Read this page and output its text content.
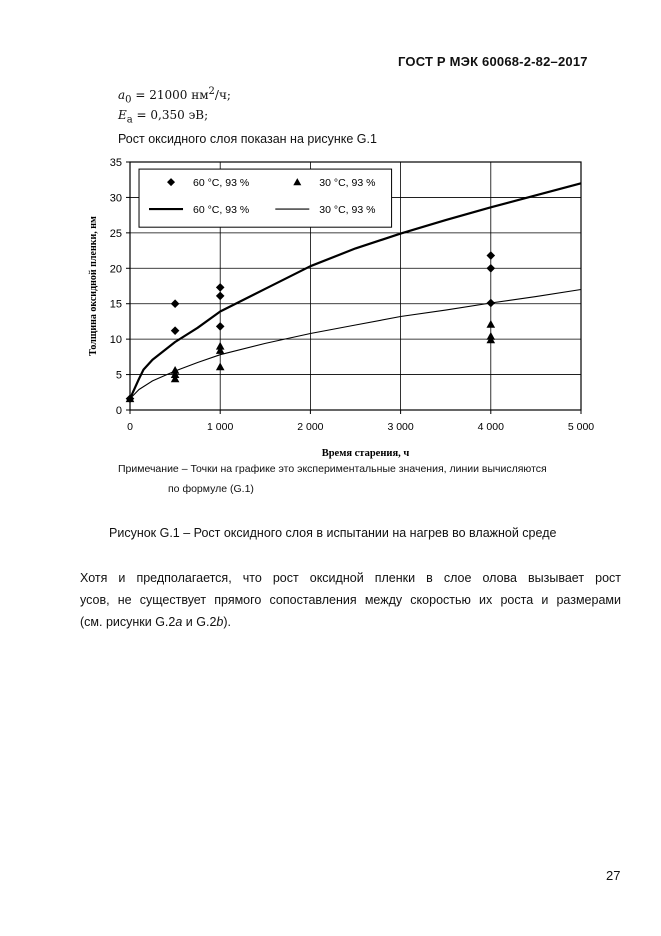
ГОСТ Р МЭК 60068-2-82–2017
$a_0 = 21000$ $нм^2/ч$;
$E_a = 0,350$ эВ;
Рост оксидного слоя показан на рисунке G.1
0
5
10
15
20
25
30
35
0	1 000	2 000	3 000	4 000	5 000
60 °C, 93 %	30 °C, 93 %
60 °C, 93 %	30 °C, 93 %
Время старения, ч
Толщина оксидной пленки, нм
Примечание – Точки на графике это экспериментальные значения, линии вычисляются
по формуле (G.1)
Рисунок G.1 – Рост оксидного слоя в испытании на нагрев во влажной среде
Хотя и предполагается, что рост оксидной пленки в слое олова вызывает рост
усов, не существует прямого сопоставления между скоростью их роста и размерами
(см. рисунки G.2a и G.2b).
27
